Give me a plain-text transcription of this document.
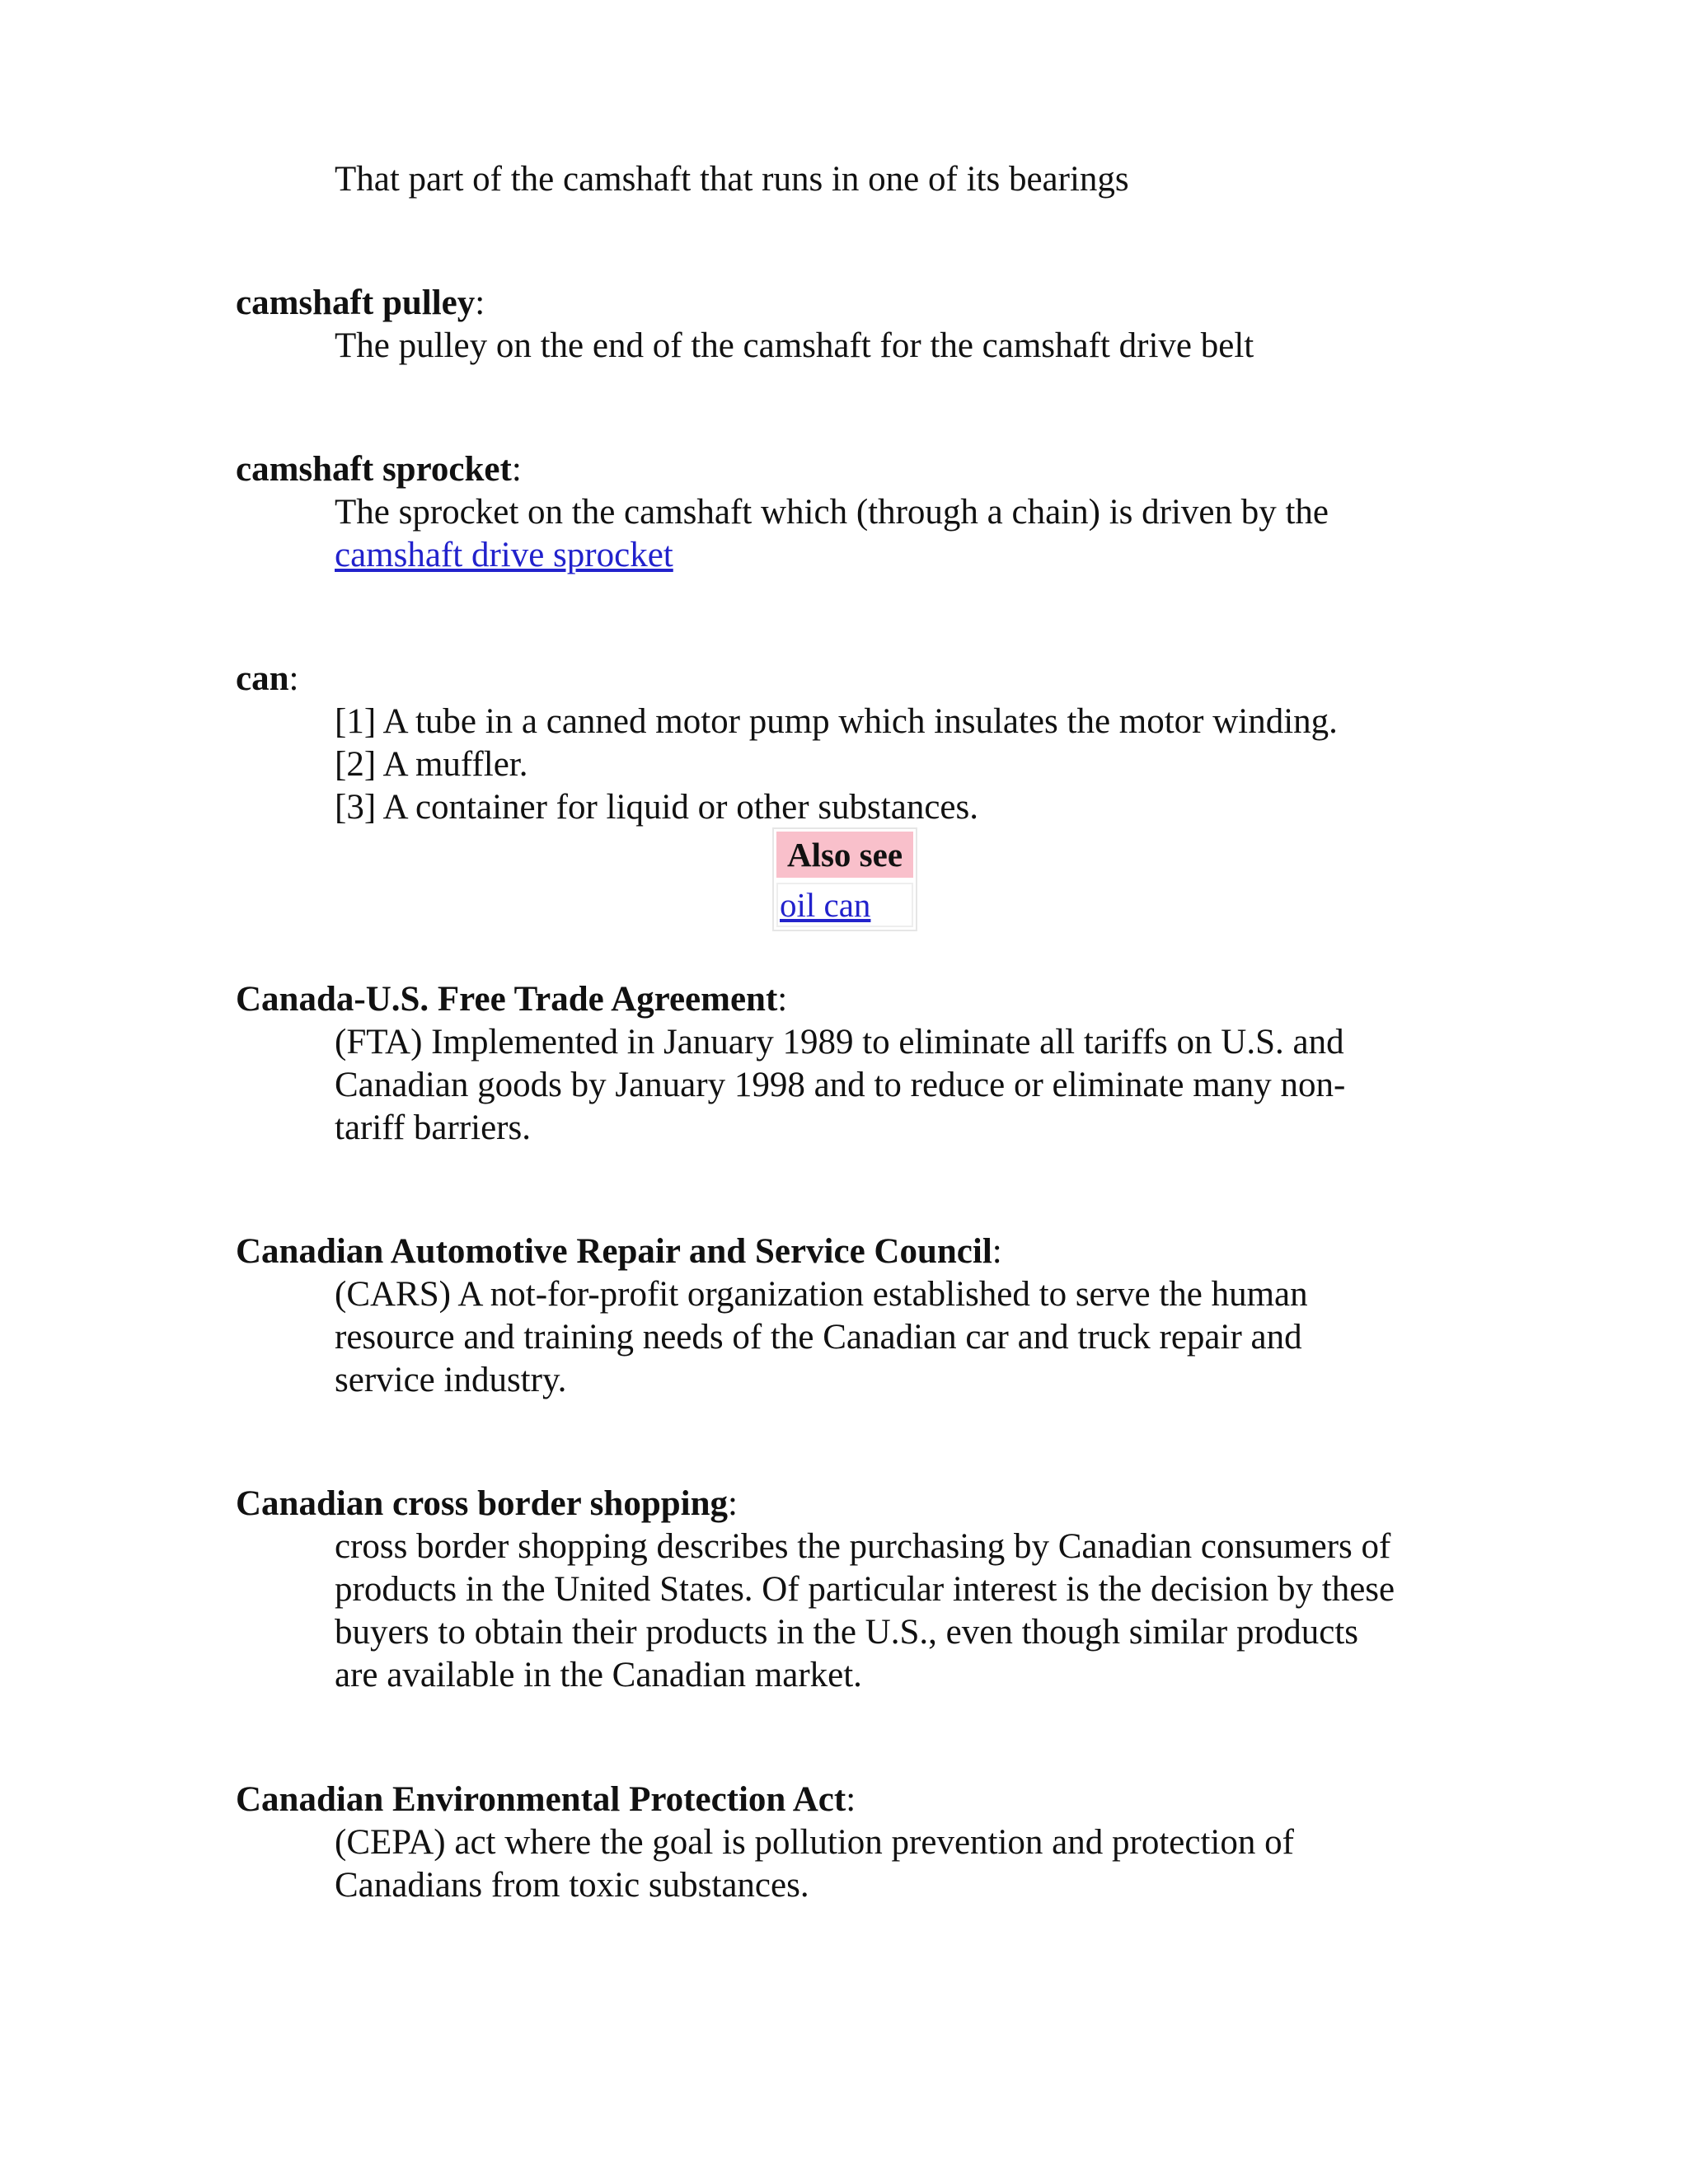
That part of the camshaft that runs in one of its bearings
camshaft pulley:
The pulley on the end of the camshaft for the camshaft drive belt
camshaft sprocket:
The sprocket on the camshaft which (through a chain) is driven by the
camshaft drive sprocket
can:
[1] A tube in a canned motor pump which insulates the motor winding.
[2] A muffler.
[3] A container for liquid or other substances.
Also see
oil can
Canada-U.S. Free Trade Agreement:
(FTA) Implemented in January 1989 to eliminate all tariffs on U.S. and
Canadian goods by January 1998 and to reduce or eliminate many non-
tariff barriers.
Canadian Automotive Repair and Service Council:
(CARS) A not-for-profit organization established to serve the human
resource and training needs of the Canadian car and truck repair and
service industry.
Canadian cross border shopping:
cross border shopping describes the purchasing by Canadian consumers of
products in the United States. Of particular interest is the decision by these
buyers to obtain their products in the U.S., even though similar products
are available in the Canadian market.
Canadian Environmental Protection Act:
(CEPA) act where the goal is pollution prevention and protection of
Canadians from toxic substances.
